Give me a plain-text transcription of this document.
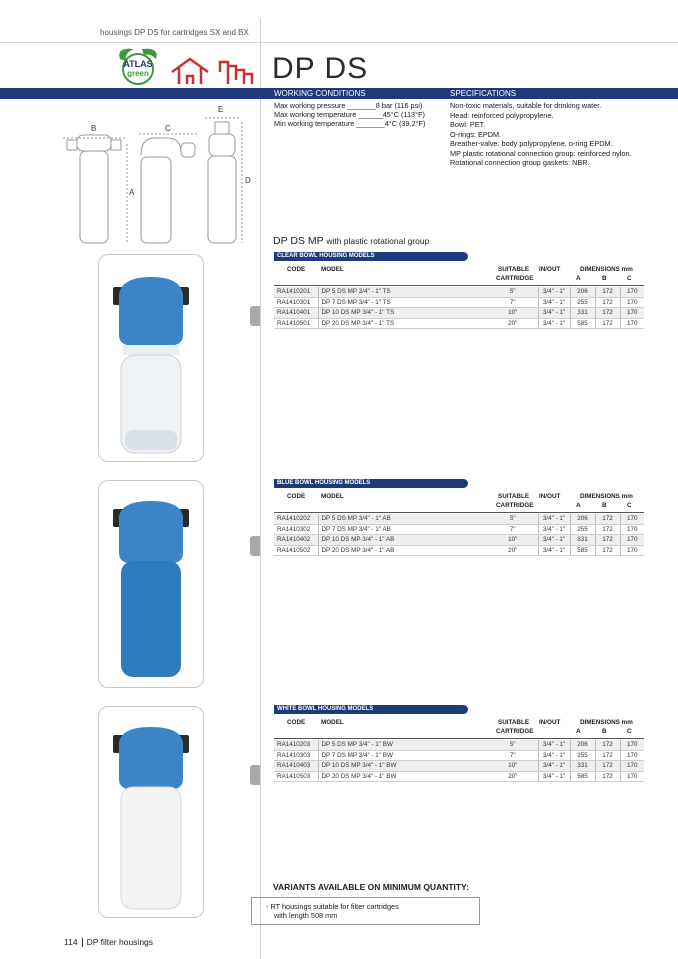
housings DP DS for cartridges SX and BX
ATLAS
green	DP DS
WORKING CONDITIONS	SPECIFICATIONS
Max working pressure _______8 bar (116 psi)
Max working temperature ______45°C (113°F)
Min working temperature _______4°C (39,2°F)
Non-toxic materials, suitable for drinking water.
Head: reinforced polypropylene.
Bowl: PET.
O-rings: EPDM.
Breather-valve: body polypropylene, o-ring EPDM.
MP plastic rotational connection group: reinforced nylon.
Rotational connection group gaskets: NBR.
B	C
E
A
D
DP DS MP with plastic rotational group
CLEAR BOWL HOUSING MODELS
CODE	MODEL	SUITABLE
CARTRIDGE
IN/OUT	DIMENSIONS mm
A	B	C
RA1410201	DP 5 DS MP 3/4" - 1" TS	5"	3/4" - 1"	206	172	170
RA1410301	DP 7 DS MP 3/4" - 1" TS	7"	3/4" - 1"	255	172	170
RA1410401	DP 10 DS MP 3/4" - 1" TS	10"	3/4" - 1"	331	172	170
RA1410501	DP 20 DS MP 3/4" - 1" TS	20"	3/4" - 1"	585	172	170
BLUE BOWL HOUSING MODELS
CODE	MODEL	SUITABLE
CARTRIDGE
IN/OUT	DIMENSIONS mm
A	B	C
RA1410202	DP 5 DS MP 3/4" - 1" AB	5"	3/4" - 1"	206	172	170
RA1410302	DP 7 DS MP 3/4" - 1" AB	7"	3/4" - 1"	255	172	170
RA1410402	DP 10 DS MP 3/4" - 1" AB	10"	3/4" - 1"	331	172	170
RA1410502	DP 20 DS MP 3/4" - 1" AB	20"	3/4" - 1"	585	172	170
WHITE BOWL HOUSING MODELS
CODE	MODEL	SUITABLE
CARTRIDGE
IN/OUT	DIMENSIONS mm
A	B	C
RA1410203	DP 5 DS MP 3/4" - 1" BW	5"	3/4" - 1"	206	172	170
RA1410303	DP 7 DS MP 3/4" - 1" BW	7"	3/4" - 1"	255	172	170
RA1410403	DP 10 DS MP 3/4" - 1" BW	10"	3/4" - 1"	331	172	170
RA1410503	DP 20 DS MP 3/4" - 1" BW	20"	3/4" - 1"	585	172	170
VARIANTS AVAILABLE ON MINIMUM QUANTITY:
- RT housings suitable for filter cartridges
with length 508 mm
114 DP filter housings
